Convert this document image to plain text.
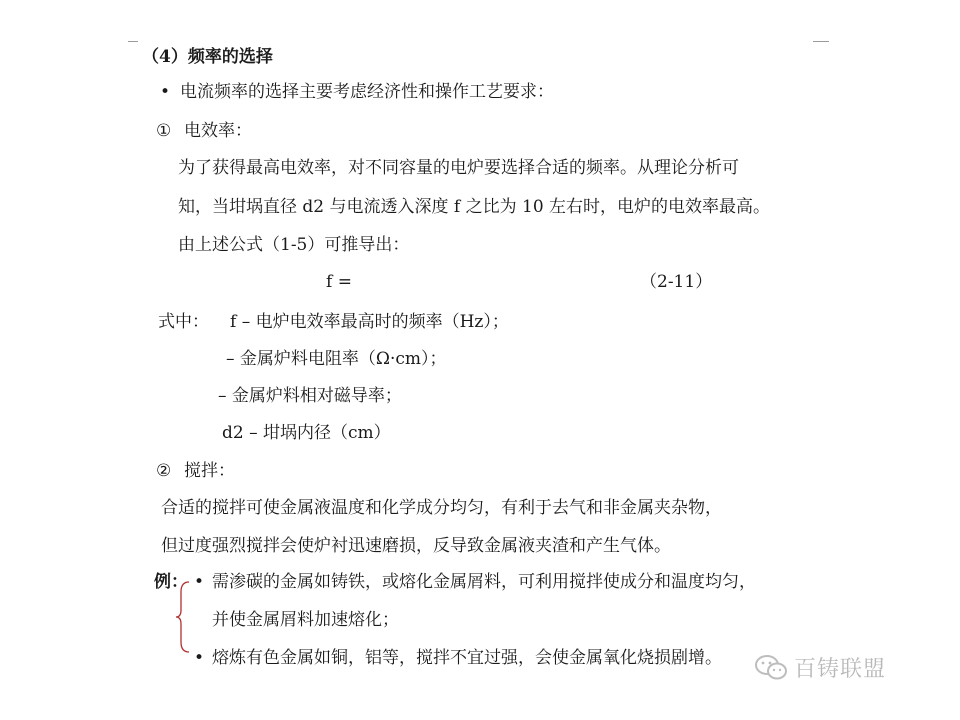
（4）频率的选择
• 电流频率的选择主要考虑经济性和操作工艺要求：
① 电效率：
为了获得最高电效率，对不同容量的电炉要选择合适的频率。从理论分析可
知，当坩埚直径 d2 与电流透入深度 f 之比为 10 左右时，电炉的电效率最高。
由上述公式（1-5）可推导出：
f =	（2-11）
式中： f – 电炉电效率最高时的频率（Hz）；
– 金属炉料电阻率（Ω·cm）；
– 金属炉料相对磁导率；
d2 – 坩埚内径（cm）
② 搅拌：
合适的搅拌可使金属液温度和化学成分均匀，有利于去气和非金属夹杂物，
但过度强烈搅拌会使炉衬迅速磨损，反导致金属液夹渣和产生气体。
例： • 需渗碳的金属如铸铁，或熔化金属屑料，可利用搅拌使成分和温度均匀，
并使金属屑料加速熔化；
• 熔炼有色金属如铜，铝等，搅拌不宜过强，会使金属氧化烧损剧增。	百铸联盟
